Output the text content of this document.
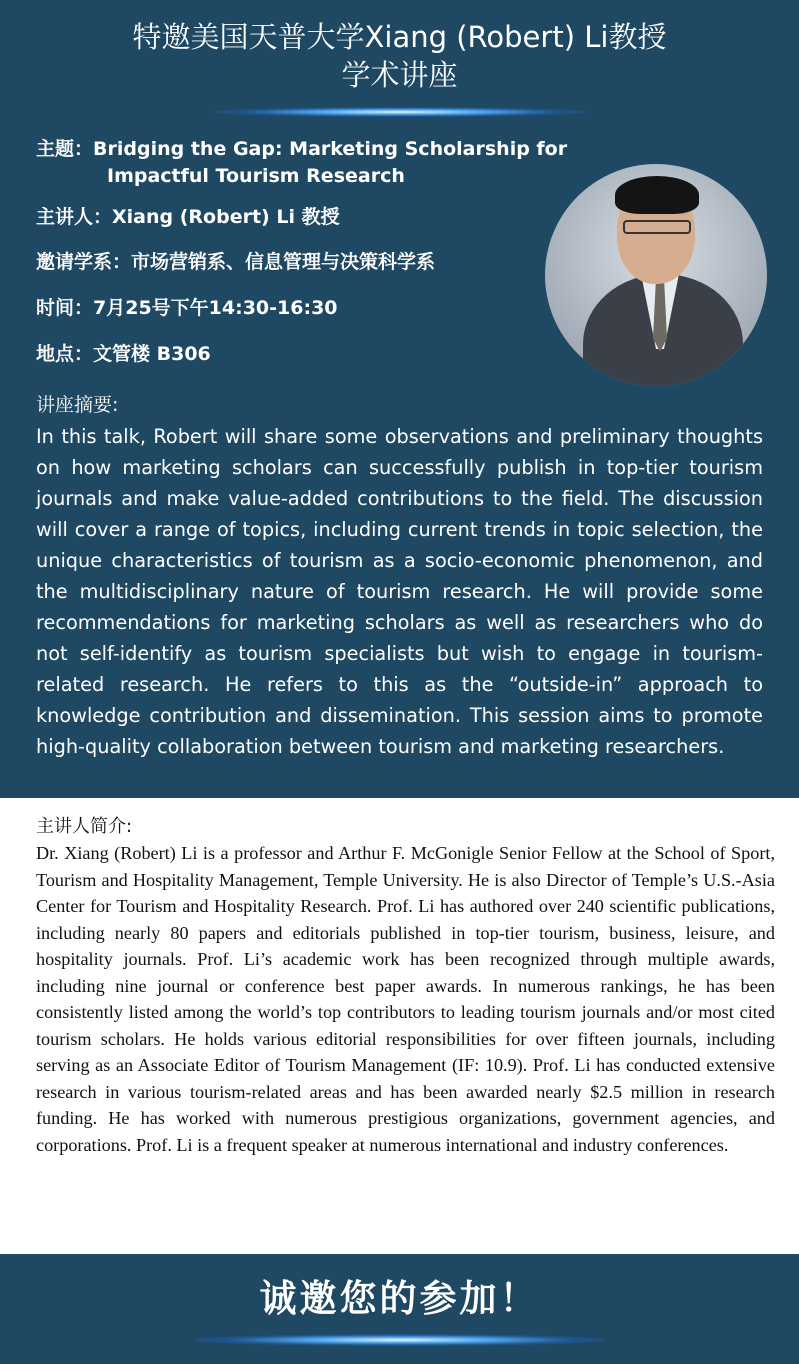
特邀美国天普大学Xiang (Robert) Li教授
学术讲座
主题：Bridging the Gap: Marketing Scholarship for
Impactful Tourism Research
主讲人：Xiang (Robert) Li 教授
邀请学系：市场营销系、信息管理与决策科学系
时间：7月25号下午14:30-16:30
地点：文管楼 B306
讲座摘要:
In this talk, Robert will share some observations and preliminary thoughts on how marketing scholars can successfully publish in top-tier tourism journals and make value-added contributions to the field. The discussion will cover a range of topics, including current trends in topic selection, the unique characteristics of tourism as a socio-economic phenomenon, and the multidisciplinary nature of tourism research. He will provide some recommendations for marketing scholars as well as researchers who do not self-identify as tourism specialists but wish to engage in tourism-related research. He refers to this as the “outside-in” approach to knowledge contribution and dissemination. This session aims to promote high-quality collaboration between tourism and marketing researchers.
主讲人简介:
Dr. Xiang (Robert) Li is a professor and Arthur F. McGonigle Senior Fellow at the School of Sport, Tourism and Hospitality Management, Temple University. He is also Director of Temple’s U.S.-Asia Center for Tourism and Hospitality Research. Prof. Li has authored over 240 scientific publications, including nearly 80 papers and editorials published in top-tier tourism, business, leisure, and hospitality journals. Prof. Li’s academic work has been recognized through multiple awards, including nine journal or conference best paper awards. In numerous rankings, he has been consistently listed among the world’s top contributors to leading tourism journals and/or most cited tourism scholars. He holds various editorial responsibilities for over fifteen journals, including serving as an Associate Editor of Tourism Management (IF: 10.9). Prof. Li has conducted extensive research in various tourism-related areas and has been awarded nearly $2.5 million in research funding. He has worked with numerous prestigious organizations, government agencies, and corporations. Prof. Li is a frequent speaker at numerous international and industry conferences.
诚邀您的参加！
